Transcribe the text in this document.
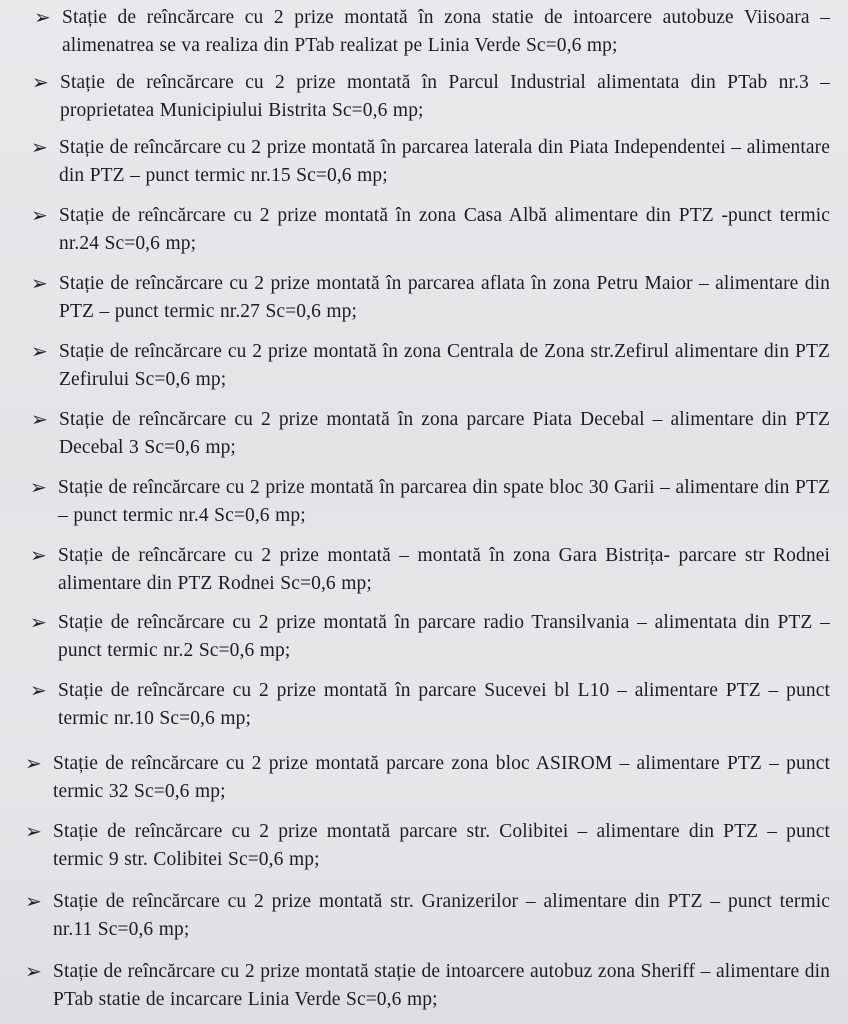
➢ Stație de reîncărcare cu 2 prize montată în zona statie de intoarcere autobuze Viisoara – alimenatrea se va realiza din PTab realizat pe Linia Verde Sc=0,6 mp;
➢ Stație de reîncărcare cu 2 prize montată în Parcul Industrial alimentata din PTab nr.3 – proprietatea Municipiului Bistrita Sc=0,6 mp;
➢ Stație de reîncărcare cu 2 prize montată în parcarea laterala din Piata Independentei – alimentare din PTZ – punct termic nr.15 Sc=0,6 mp;
➢ Stație de reîncărcare cu 2 prize montată în zona Casa Albă alimentare din PTZ -punct termic nr.24 Sc=0,6 mp;
➢ Stație de reîncărcare cu 2 prize montată în parcarea aflata în zona Petru Maior – alimentare din PTZ – punct termic nr.27 Sc=0,6 mp;
➢ Stație de reîncărcare cu 2 prize montată în zona Centrala de Zona str.Zefirul alimentare din PTZ Zefirului Sc=0,6 mp;
➢ Stație de reîncărcare cu 2 prize montată în zona parcare Piata Decebal – alimentare din PTZ Decebal 3 Sc=0,6 mp;
➢ Stație de reîncărcare cu 2 prize montată în parcarea din spate bloc 30 Garii – alimentare din PTZ – punct termic nr.4 Sc=0,6 mp;
➢ Stație de reîncărcare cu 2 prize montată – montată în zona Gara Bistrița- parcare str Rodnei alimentare din PTZ Rodnei Sc=0,6 mp;
➢ Stație de reîncărcare cu 2 prize montată în parcare radio Transilvania – alimentata din PTZ – punct termic nr.2 Sc=0,6 mp;
➢ Stație de reîncărcare cu 2 prize montată în parcare Sucevei bl L10 – alimentare PTZ – punct termic nr.10 Sc=0,6 mp;
➢ Stație de reîncărcare cu 2 prize montată parcare zona bloc ASIROM – alimentare PTZ – punct termic 32 Sc=0,6 mp;
➢ Stație de reîncărcare cu 2 prize montată parcare str. Colibitei – alimentare din PTZ – punct termic 9 str. Colibitei Sc=0,6 mp;
➢ Stație de reîncărcare cu 2 prize montată str. Granizerilor – alimentare din PTZ – punct termic nr.11 Sc=0,6 mp;
➢ Stație de reîncărcare cu 2 prize montată stație de intoarcere autobuz zona Sheriff – alimentare din PTab statie de incarcare Linia Verde Sc=0,6 mp;
